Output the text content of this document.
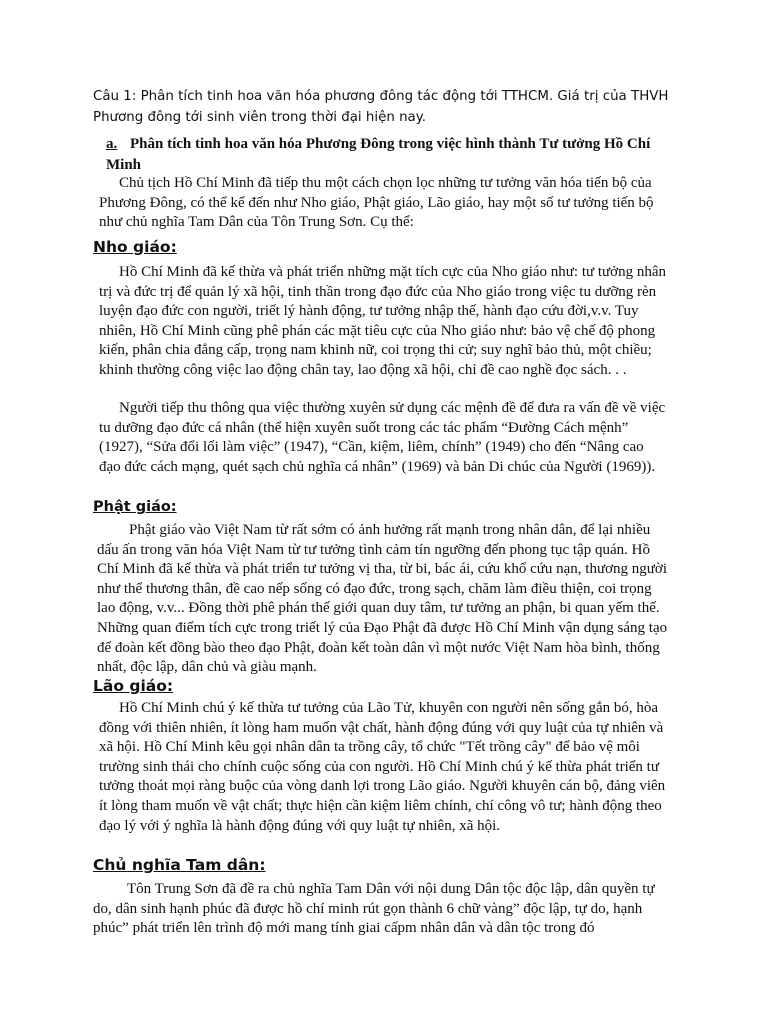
Câu 1: Phân tích tinh hoa văn hóa phương đông tác động tới TTHCM. Giá trị của THVH Phương đông tới sinh viên trong thời đại hiện nay.
a. Phân tích tinh hoa văn hóa Phương Đông trong việc hình thành Tư tưởng Hồ Chí Minh

Chủ tịch Hồ Chí Minh đã tiếp thu một cách chọn lọc những tư tưởng văn hóa tiến bộ của Phương Đông, có thể kể đến như Nho giáo, Phật giáo, Lão giáo, hay một số tư tưởng tiến bộ như chủ nghĩa Tam Dân của Tôn Trung Sơn. Cụ thể:

Nho giáo:

Hồ Chí Minh đã kế thừa và phát triển những mặt tích cực của Nho giáo như: tư tưởng nhân trị và đức trị để quản lý xã hội, tinh thần trong đạo đức của Nho giáo trong việc tu dưỡng rèn luyện đạo đức con người, triết lý hành động, tư tưởng nhập thế, hành đạo cứu đời,v.v. Tuy nhiên, Hồ Chí Minh cũng phê phán các mặt tiêu cực của Nho giáo như: bảo vệ chế độ phong kiến, phân chia đẳng cấp, trọng nam khinh nữ, coi trọng thi cử; suy nghĩ bảo thủ, một chiều; khinh thường công việc lao động chân tay, lao động xã hội, chỉ đề cao nghề đọc sách. . .

Người tiếp thu thông qua việc thường xuyên sử dụng các mệnh đề để đưa ra vấn đề về việc tu dưỡng đạo đức cá nhân (thể hiện xuyên suốt trong các tác phẩm “Đường Cách mệnh” (1927), “Sửa đổi lối làm việc” (1947), “Cần, kiệm, liêm, chính” (1949) cho đến “Nâng cao đạo đức cách mạng, quét sạch chủ nghĩa cá nhân” (1969) và bản Di chúc của Người (1969)).

Phật giáo:

Phật giáo vào Việt Nam từ rất sớm có ảnh hưởng rất mạnh trong nhân dân, để lại nhiều dấu ấn trong văn hóa Việt Nam từ tư tưởng tình cảm tín ngưỡng đến phong tục tập quán. Hồ Chí Minh đã kế thừa và phát triển tư tưởng vị tha, từ bi, bác ái, cứu khổ cứu nạn, thương người như thể thương thân, đề cao nếp sống có đạo đức, trong sạch, chăm làm điều thiện, coi trọng lao động, v.v... Đồng thời phê phán thế giới quan duy tâm, tư tưởng an phận, bi quan yếm thế. Những quan điểm tích cực trong triết lý của Đạo Phật đã được Hồ Chí Minh vận dụng sáng tạo để đoàn kết đồng bào theo đạo Phật, đoàn kết toàn dân vì một nước Việt Nam hòa bình, thống nhất, độc lập, dân chủ và giàu mạnh.

Lão giáo:

Hồ Chí Minh chú ý kế thừa tư tưởng của Lão Tử, khuyên con người nên sống gắn bó, hòa đồng với thiên nhiên, ít lòng ham muốn vật chất, hành động đúng với quy luật của tự nhiên và xã hội. Hồ Chí Minh kêu gọi nhân dân ta trồng cây, tổ chức "Tết trồng cây" để bảo vệ môi trường sinh thái cho chính cuộc sống của con người. Hồ Chí Minh chú ý kế thừa phát triển tư tưởng thoát mọi ràng buộc của vòng danh lợi trong Lão giáo. Người khuyên cán bộ, đảng viên ít lòng tham muốn về vật chất; thực hiện cần kiệm liêm chính, chí công vô tư; hành động theo đạo lý với ý nghĩa là hành động đúng với quy luật tự nhiên, xã hội.

Chủ nghĩa Tam dân:

Tôn Trung Sơn đã đề ra chủ nghĩa Tam Dân với nội dung Dân tộc độc lập, dân quyền tự do, dân sinh hạnh phúc đã được hồ chí minh rút gọn thành 6 chữ vàng” độc lập, tự do, hạnh phúc” phát triển lên trình độ mới mang tính giai cấpm nhân dân và dân tộc trong đó
